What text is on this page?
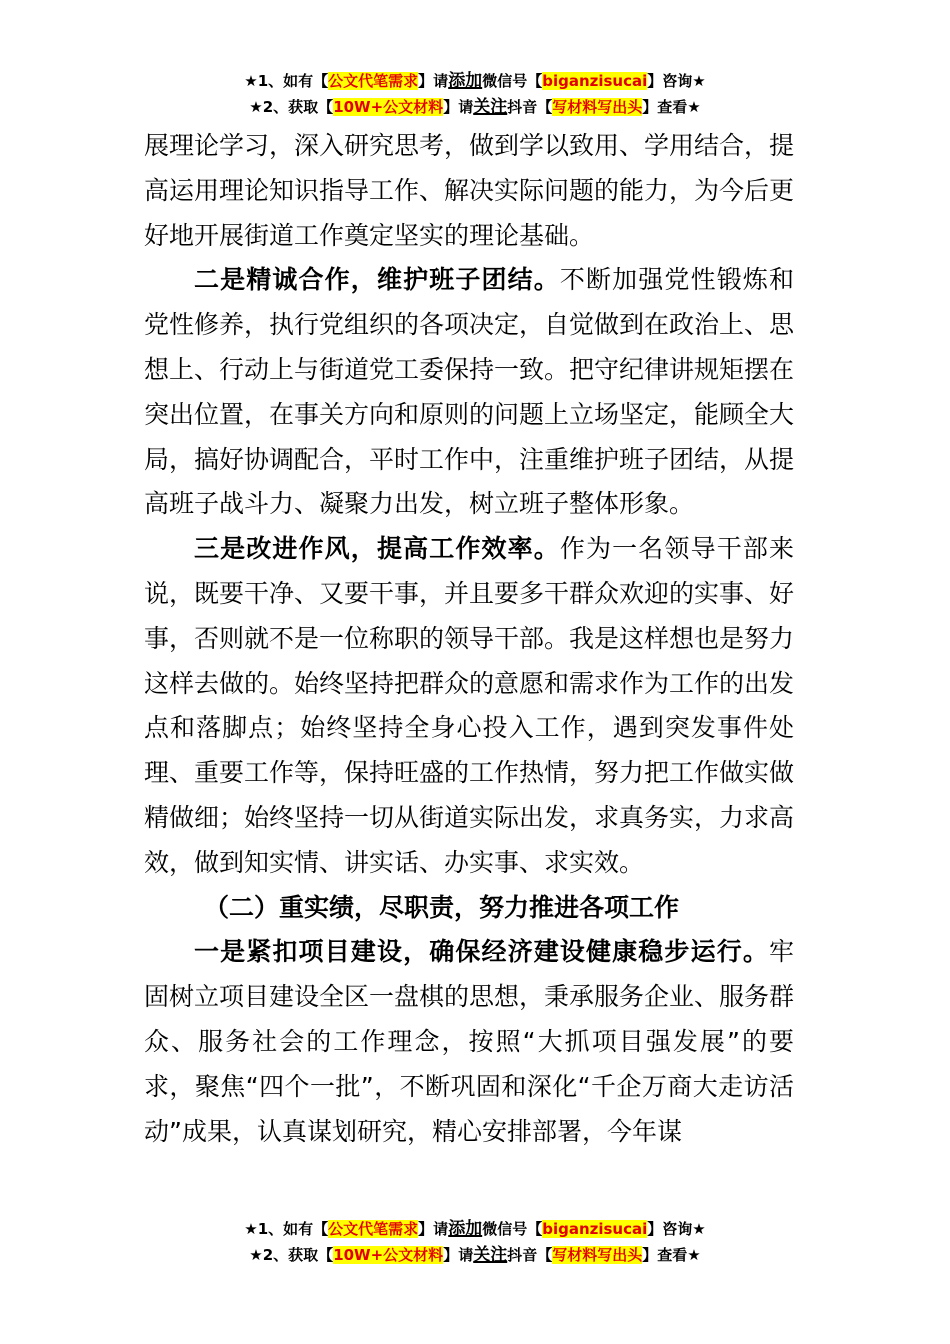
★1、如有【公文代笔需求】请添加微信号【biganzisucai】咨询★
★2、获取【10W+公文材料】请关注抖音【写材料写出头】查看★

展理论学习，深入研究思考，做到学以致用、学用结合，提高运用理论知识指导工作、解决实际问题的能力，为今后更好地开展街道工作奠定坚实的理论基础。

二是精诚合作，维护班子团结。不断加强党性锻炼和党性修养，执行党组织的各项决定，自觉做到在政治上、思想上、行动上与街道党工委保持一致。把守纪律讲规矩摆在突出位置，在事关方向和原则的问题上立场坚定，能顾全大局，搞好协调配合，平时工作中，注重维护班子团结，从提高班子战斗力、凝聚力出发，树立班子整体形象。

三是改进作风，提高工作效率。作为一名领导干部来说，既要干净、又要干事，并且要多干群众欢迎的实事、好事，否则就不是一位称职的领导干部。我是这样想也是努力这样去做的。始终坚持把群众的意愿和需求作为工作的出发点和落脚点；始终坚持全身心投入工作，遇到突发事件处理、重要工作等，保持旺盛的工作热情，努力把工作做实做精做细；始终坚持一切从街道实际出发，求真务实，力求高效，做到知实情、讲实话、办实事、求实效。

（二）重实绩，尽职责，努力推进各项工作

一是紧扣项目建设，确保经济建设健康稳步运行。牢固树立项目建设全区一盘棋的思想，秉承服务企业、服务群众、服务社会的工作理念，按照“大抓项目强发展”的要求，聚焦“四个一批”，不断巩固和深化“千企万商大走访活动”成果，认真谋划研究，精心安排部署，今年谋

★1、如有【公文代笔需求】请添加微信号【biganzisucai】咨询★
★2、获取【10W+公文材料】请关注抖音【写材料写出头】查看★
